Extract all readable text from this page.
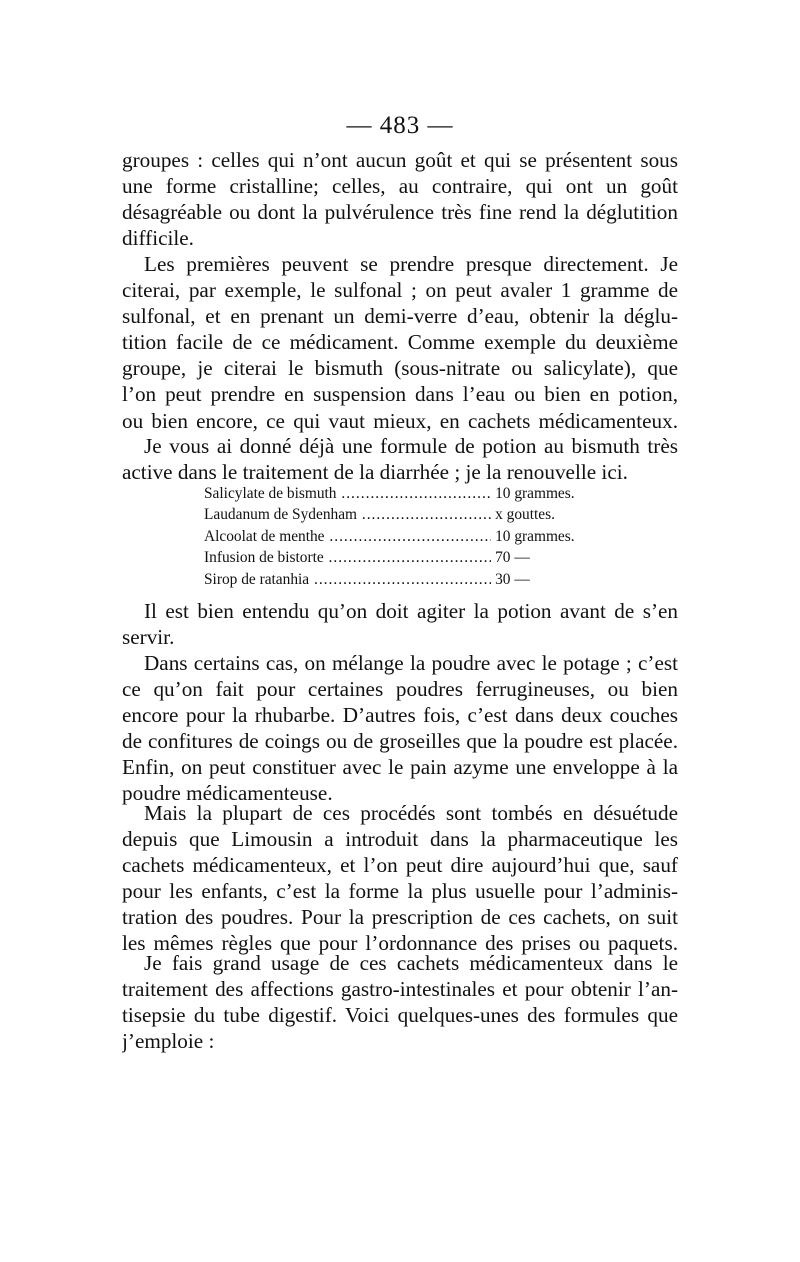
— 483 —
groupes : celles qui n’ont aucun goût et qui se présentent sous
une forme cristalline; celles, au contraire, qui ont un goût
désagréable ou dont la pulvérulence très fine rend la déglutition
difficile.
Les premières peuvent se prendre presque directement. Je
citerai, par exemple, le sulfonal ; on peut avaler 1 gramme de
sulfonal, et en prenant un demi-verre d’eau, obtenir la déglu-
tition facile de ce médicament. Comme exemple du deuxième
groupe, je citerai le bismuth (sous-nitrate ou salicylate), que
l’on peut prendre en suspension dans l’eau ou bien en potion,
ou bien encore, ce qui vaut mieux, en cachets médicamenteux.
Je vous ai donné déjà une formule de potion au bismuth très
active dans le traitement de la diarrhée ; je la renouvelle ici.
Salicylate de bismuth .....	10 grammes.
Laudanum de Sydenham .....	x gouttes.
Alcoolat de menthe .....	10 grammes.
Infusion de bistorte .....	70 —
Sirop de ratanhia .....	30 —
Il est bien entendu qu’on doit agiter la potion avant de s’en
servir.
Dans certains cas, on mélange la poudre avec le potage ; c’est
ce qu’on fait pour certaines poudres ferrugineuses, ou bien
encore pour la rhubarbe. D’autres fois, c’est dans deux couches
de confitures de coings ou de groseilles que la poudre est placée.
Enfin, on peut constituer avec le pain azyme une enveloppe à la
poudre médicamenteuse.
Mais la plupart de ces procédés sont tombés en désuétude
depuis que Limousin a introduit dans la pharmaceutique les
cachets médicamenteux, et l’on peut dire aujourd’hui que, sauf
pour les enfants, c’est la forme la plus usuelle pour l’adminis-
tration des poudres. Pour la prescription de ces cachets, on suit
les mêmes règles que pour l’ordonnance des prises ou paquets.
Je fais grand usage de ces cachets médicamenteux dans le
traitement des affections gastro-intestinales et pour obtenir l’an-
tisepsie du tube digestif. Voici quelques-unes des formules que
j’emploie :
